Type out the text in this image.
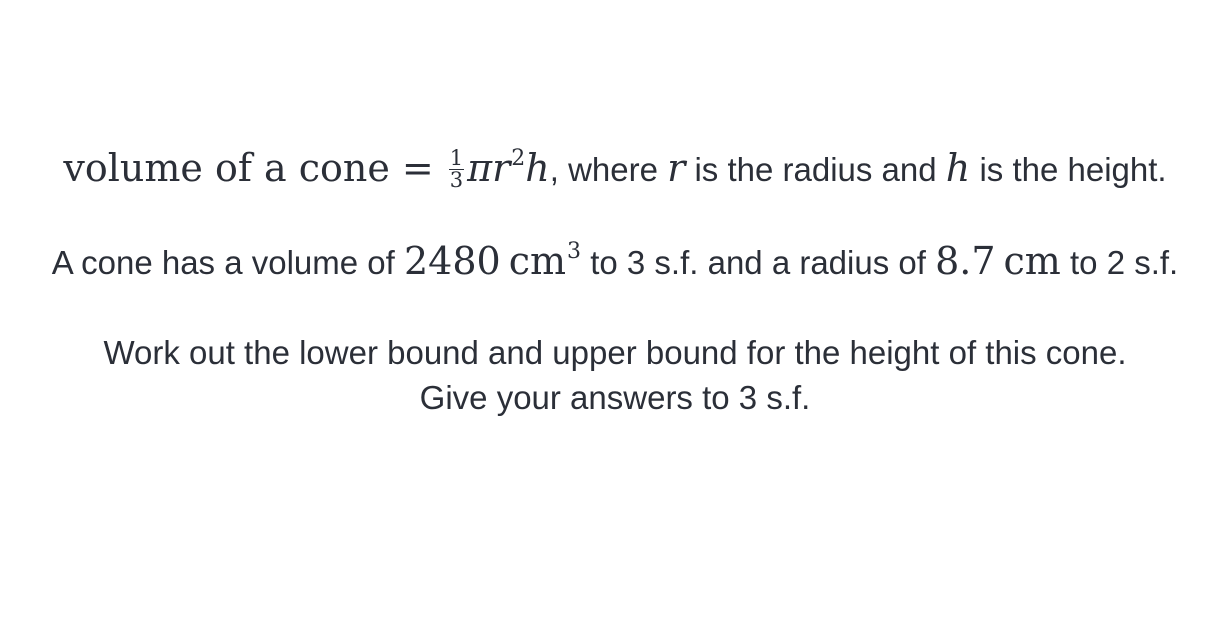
volume of a cone = $\frac{1}{3} \pi r^2h$, where r is the radius and h is the height.

A cone has a volume of 2480 $cm^3$ to 3 s.f. and a radius of 8.7 cm to 2 s.f.

Work out the lower bound and upper bound for the height of this cone.
Give your answers to 3 s.f.
